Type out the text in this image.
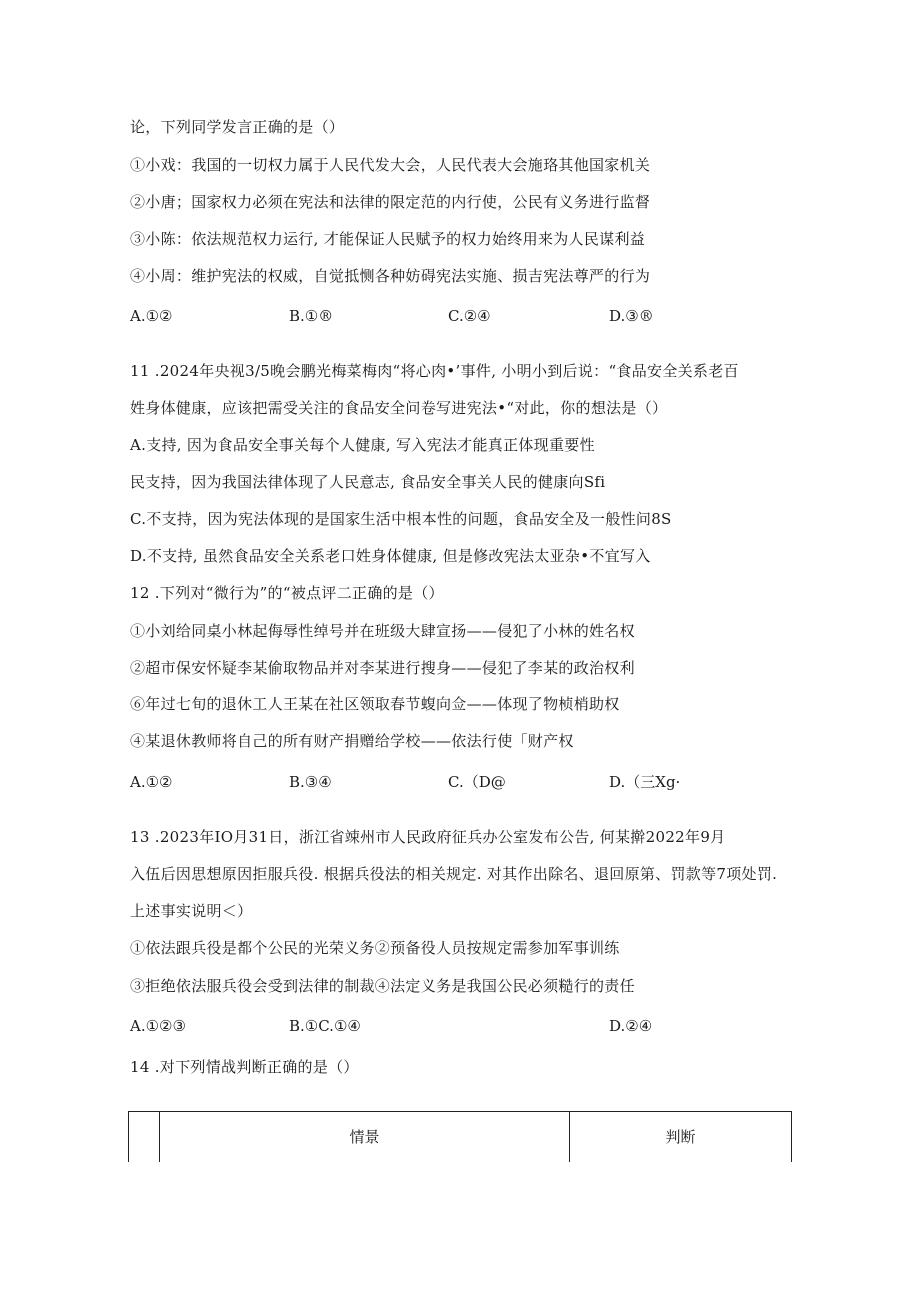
论，下列同学发言正确的是（）
①小戏：我国的一切权力属于人民代发大会，人民代表大会施珞其他国家机关
②小唐；国家权力必须在宪法和法律的限定范的内行使，公民有义务进行监督
③小陈：依法规范权力运行, 才能保证人民赋予的权力始终用来为人民谋利益
④小周：维护宪法的权威，自觉抵恻各种妨碍宪法实施、损吉宪法尊严的行为
A.①②	B.①®	C.②④	D.③®
11 .2024年央视3/5晚会鹏光梅菜梅肉“将心肉•’事件, 小明小到后说：“食品安全关系老百
姓身体健康，应该把需受关注的食品安全问卷写进宪法•“对此，你的想法是（）
A.支持, 因为食品安全事关每个人健康, 写入宪法才能真正体现重要性
民支持，因为我国法律体现了人民意志, 食品安全事关人民的健康向Sfi
C.不支持，因为宪法体现的是国家生活中根本性的问题，食品安全及一般性问8S
D.不支持, 虽然食品安全关系老口姓身体健康, 但是修改宪法太亚杂•不宜写入
12 .下列对“微行为”的“被点评二正确的是（）
①小刘给同桌小林起侮辱性绰号并在班级大肆宣扬——侵犯了小林的姓名权
②超市保安怀疑李某偷取物品并对李某进行搜身——侵犯了李某的政治权利
⑥年过七旬的退休工人王某在社区领取春节蝮向佥——体现了物桢梢助权
④某退休教师将自己的所有财产捐赠给学校——依法行使「财产权
A.①②	B.③④	C.（D@	D.（三Xg·
13 .2023年IO月31日，浙江省竦州市人民政府征兵办公室发布公告, 何某擀2022年9月
入伍后因思想原因拒服兵役. 根据兵役法的相关规定. 对其作出除名、退回原第、罚款等7项处罚.
上述事实说明＜）
①依法跟兵役是都个公民的光荣义务②预备役人员按规定需参加军事训练
③拒绝依法服兵役会受到法律的制裁④法定义务是我国公民必须糙行的责任
A.①②③	B.①C.①④	D.②④
14 .对下列情战判断正确的是（）
情景	判断
